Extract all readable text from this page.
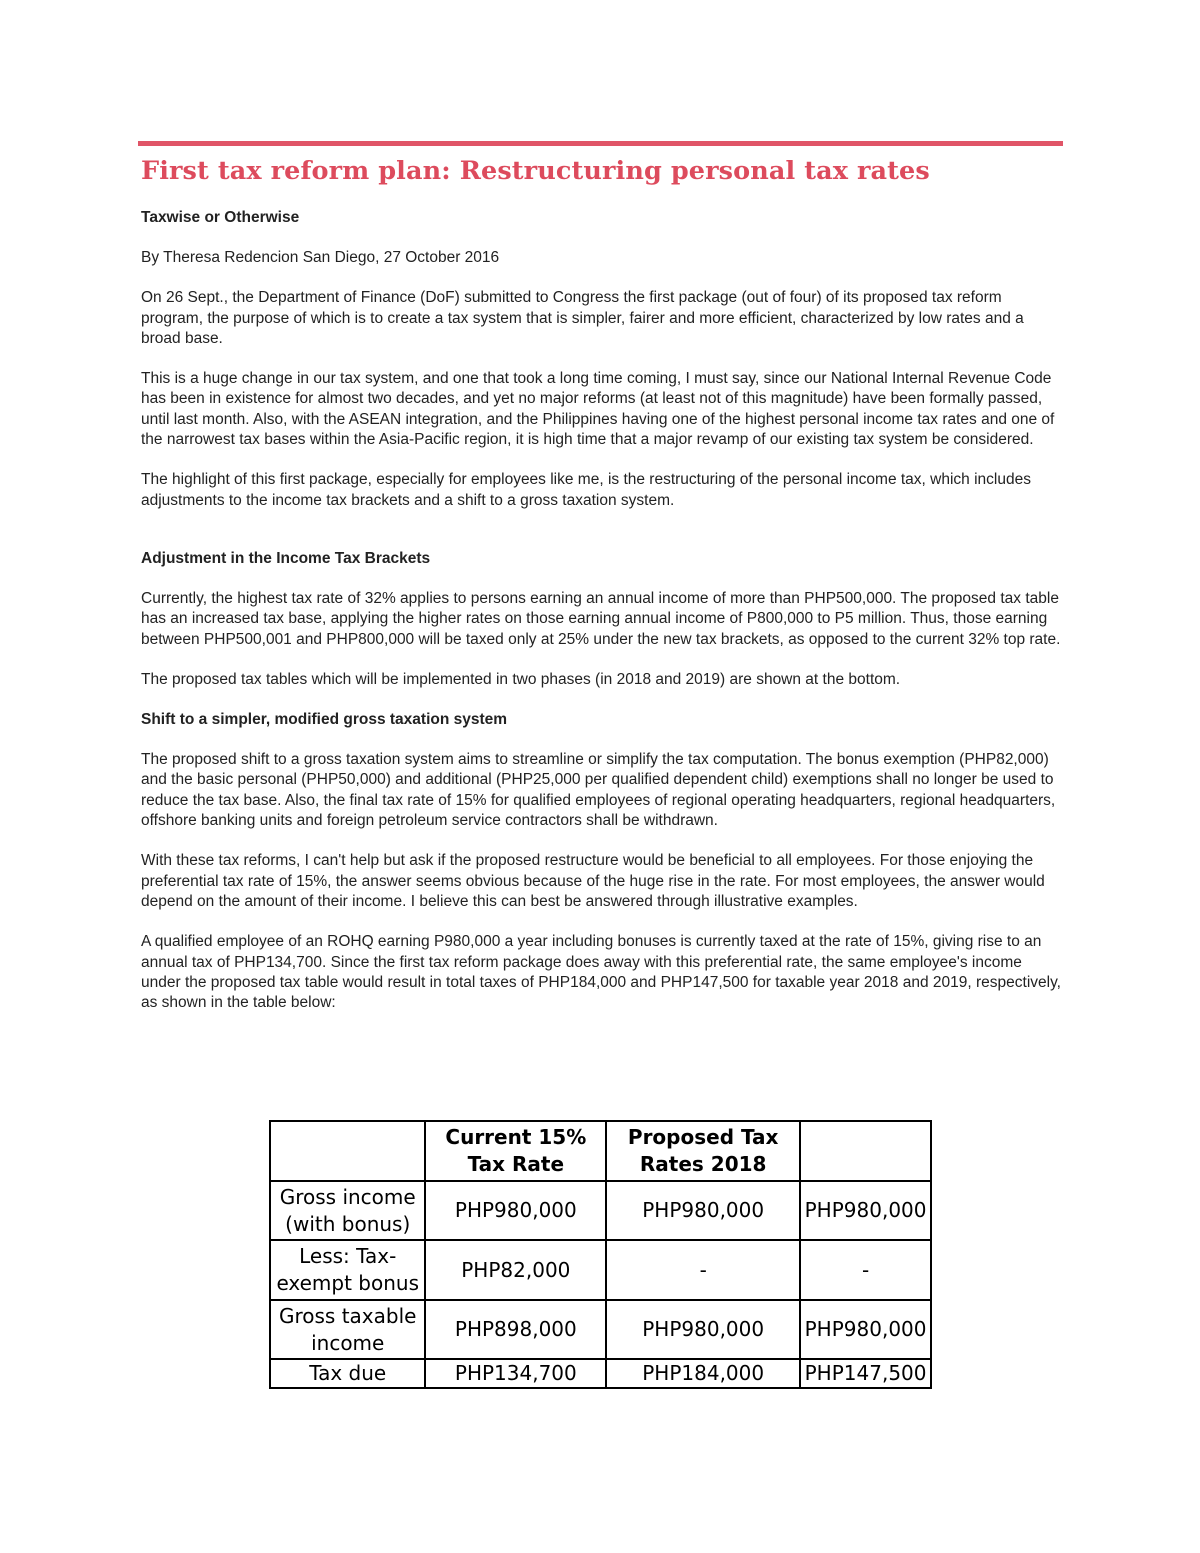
First tax reform plan: Restructuring personal tax rates
Taxwise or Otherwise

By Theresa Redencion San Diego, 27 October 2016

On 26 Sept., the Department of Finance (DoF) submitted to Congress the first package (out of four) of its proposed tax reform program, the purpose of which is to create a tax system that is simpler, fairer and more efficient, characterized by low rates and a broad base.

This is a huge change in our tax system, and one that took a long time coming, I must say, since our National Internal Revenue Code has been in existence for almost two decades, and yet no major reforms (at least not of this magnitude) have been formally passed, until last month. Also, with the ASEAN integration, and the Philippines having one of the highest personal income tax rates and one of the narrowest tax bases within the Asia-Pacific region, it is high time that a major revamp of our existing tax system be considered.

The highlight of this first package, especially for employees like me, is the restructuring of the personal income tax, which includes adjustments to the income tax brackets and a shift to a gross taxation system.

Adjustment in the Income Tax Brackets

Currently, the highest tax rate of 32% applies to persons earning an annual income of more than PHP500,000. The proposed tax table has an increased tax base, applying the higher rates on those earning annual income of P800,000 to P5 million. Thus, those earning between PHP500,001 and PHP800,000 will be taxed only at 25% under the new tax brackets, as opposed to the current 32% top rate.

The proposed tax tables which will be implemented in two phases (in 2018 and 2019) are shown at the bottom.

Shift to a simpler, modified gross taxation system

The proposed shift to a gross taxation system aims to streamline or simplify the tax computation. The bonus exemption (PHP82,000) and the basic personal (PHP50,000) and additional (PHP25,000 per qualified dependent child) exemptions shall no longer be used to reduce the tax base. Also, the final tax rate of 15% for qualified employees of regional operating headquarters, regional headquarters, offshore banking units and foreign petroleum service contractors shall be withdrawn.

With these tax reforms, I can't help but ask if the proposed restructure would be beneficial to all employees. For those enjoying the preferential tax rate of 15%, the answer seems obvious because of the huge rise in the rate. For most employees, the answer would depend on the amount of their income. I believe this can best be answered through illustrative examples.

A qualified employee of an ROHQ earning P980,000 a year including bonuses is currently taxed at the rate of 15%, giving rise to an annual tax of PHP134,700. Since the first tax reform package does away with this preferential rate, the same employee's income under the proposed tax table would result in total taxes of PHP184,000 and PHP147,500 for taxable year 2018 and 2019, respectively, as shown in the table below:

	Current 15% Tax Rate	Proposed Tax Rates 2018	
Gross income (with bonus)	PHP980,000	PHP980,000	PHP980,000
Less: Tax-exempt bonus	PHP82,000	-	-
Gross taxable income	PHP898,000	PHP980,000	PHP980,000
Tax due	PHP134,700	PHP184,000	PHP147,500
